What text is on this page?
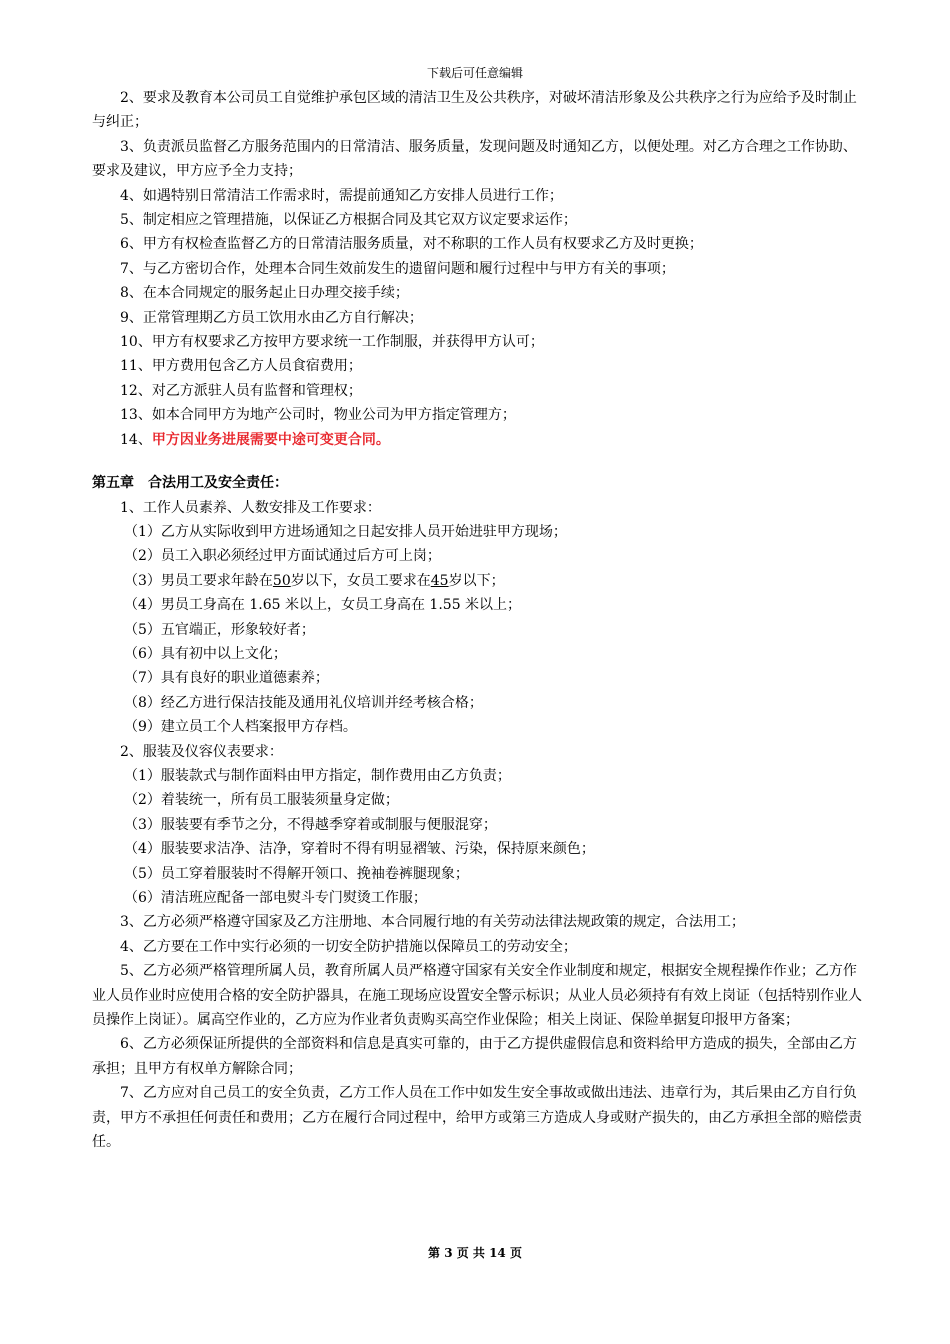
下载后可任意编辑

2、要求及教育本公司员工自觉维护承包区域的清洁卫生及公共秩序，对破坏清洁形象及公共秩序之行为应给予及时制止与纠正；

3、负责派员监督乙方服务范围内的日常清洁、服务质量，发现问题及时通知乙方，以便处理。对乙方合理之工作协助、要求及建议，甲方应予全力支持；

4、如遇特别日常清洁工作需求时，需提前通知乙方安排人员进行工作；

5、制定相应之管理措施，以保证乙方根据合同及其它双方议定要求运作；

6、甲方有权检查监督乙方的日常清洁服务质量，对不称职的工作人员有权要求乙方及时更换；

7、与乙方密切合作，处理本合同生效前发生的遗留问题和履行过程中与甲方有关的事项；

8、在本合同规定的服务起止日办理交接手续；

9、正常管理期乙方员工饮用水由乙方自行解决；

10、甲方有权要求乙方按甲方要求统一工作制服，并获得甲方认可；

11、甲方费用包含乙方人员食宿费用；

12、对乙方派驻人员有监督和管理权；

13、如本合同甲方为地产公司时，物业公司为甲方指定管理方；

14、甲方因业务进展需要中途可变更合同。

第五章　合法用工及安全责任：

1、工作人员素养、人数安排及工作要求：

（1）乙方从实际收到甲方进场通知之日起安排人员开始进驻甲方现场；

（2）员工入职必须经过甲方面试通过后方可上岗；

（3）男员工要求年龄在50岁以下，女员工要求在45岁以下；

（4）男员工身高在 1.65 米以上，女员工身高在 1.55 米以上；

（5）五官端正，形象较好者；

（6）具有初中以上文化；

（7）具有良好的职业道德素养；

（8）经乙方进行保洁技能及通用礼仪培训并经考核合格；

（9）建立员工个人档案报甲方存档。

2、服装及仪容仪表要求：

（1）服装款式与制作面料由甲方指定，制作费用由乙方负责；

（2）着装统一，所有员工服装须量身定做；

（3）服装要有季节之分，不得越季穿着或制服与便服混穿；

（4）服装要求洁净、洁净，穿着时不得有明显褶皱、污染，保持原来颜色；

（5）员工穿着服装时不得解开领口、挽袖卷裤腿现象；

（6）清洁班应配备一部电熨斗专门熨烫工作服；

3、乙方必须严格遵守国家及乙方注册地、本合同履行地的有关劳动法律法规政策的规定，合法用工；

4、乙方要在工作中实行必须的一切安全防护措施以保障员工的劳动安全；

5、乙方必须严格管理所属人员，教育所属人员严格遵守国家有关安全作业制度和规定，根据安全规程操作作业；乙方作业人员作业时应使用合格的安全防护器具，在施工现场应设置安全警示标识；从业人员必须持有有效上岗证（包括特别作业人员操作上岗证）。属高空作业的，乙方应为作业者负责购买高空作业保险；相关上岗证、保险单据复印报甲方备案；

6、乙方必须保证所提供的全部资料和信息是真实可靠的，由于乙方提供虚假信息和资料给甲方造成的损失，全部由乙方承担；且甲方有权单方解除合同；

7、乙方应对自己员工的安全负责，乙方工作人员在工作中如发生安全事故或做出违法、违章行为，其后果由乙方自行负责，甲方不承担任何责任和费用；乙方在履行合同过程中，给甲方或第三方造成人身或财产损失的，由乙方承担全部的赔偿责任。

第 3 页 共 14 页
